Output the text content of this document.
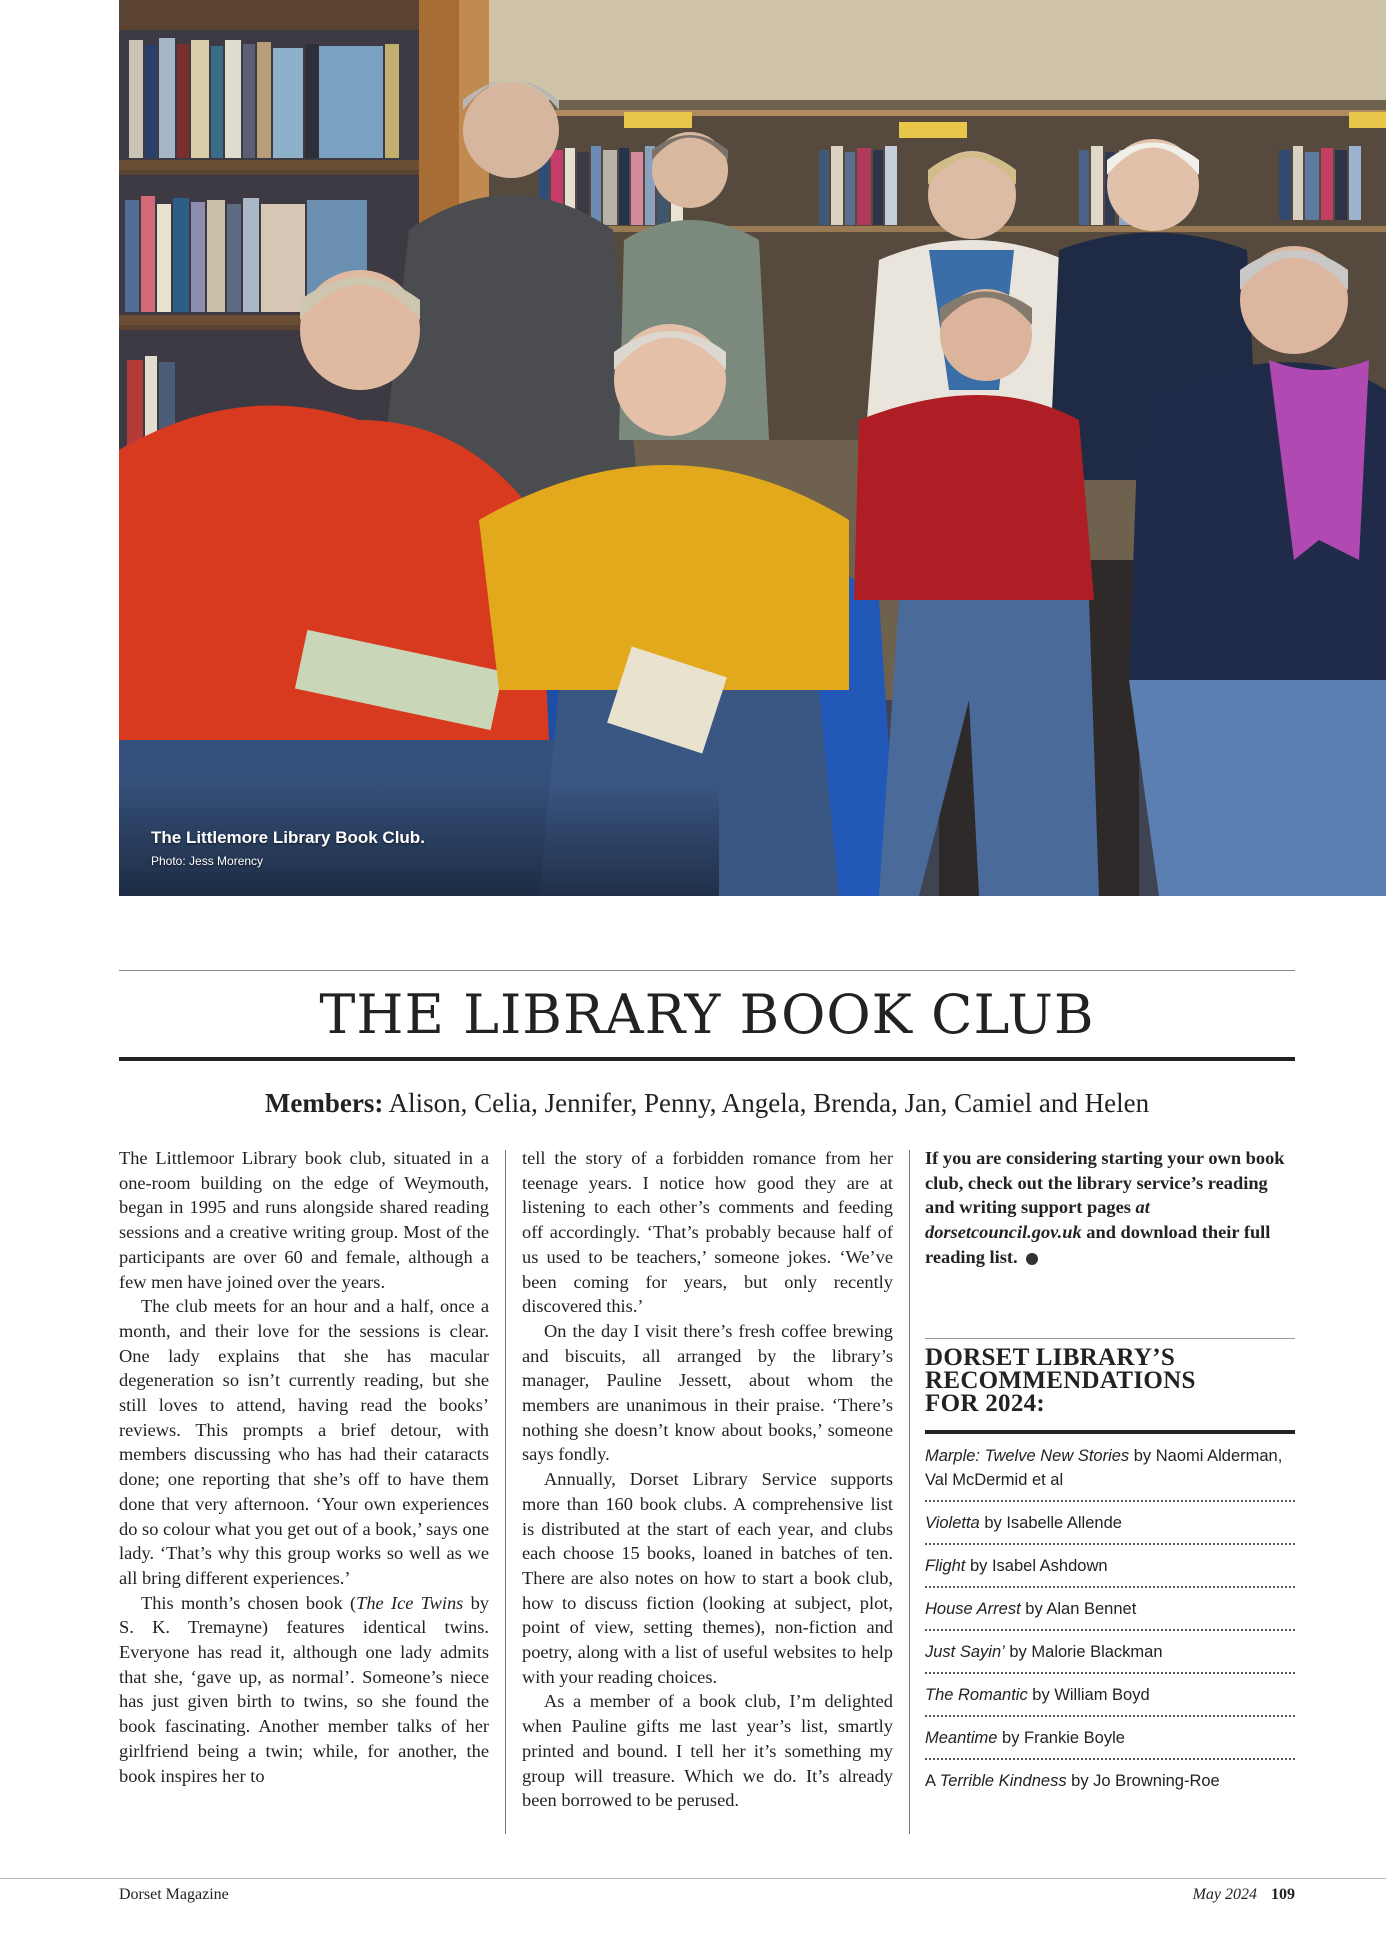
The Littlemore Library Book Club.
Photo: Jess Morency
THE LIBRARY BOOK CLUB
Members: Alison, Celia, Jennifer, Penny, Angela, Brenda, Jan, Camiel and Helen

The Littlemoor Library book club, situated in a one-room building on the edge of Weymouth, began in 1995 and runs alongside shared reading sessions and a creative writing group. Most of the participants are over 60 and female, although a few men have joined over the years.

The club meets for an hour and a half, once a month, and their love for the sessions is clear. One lady explains that she has macular degeneration so isn’t currently reading, but she still loves to attend, having read the books’ reviews. This prompts a brief detour, with members discussing who has had their cataracts done; one reporting that she’s off to have them done that very afternoon. ‘Your own experiences do so colour what you get out of a book,’ says one lady. ‘That’s why this group works so well as we all bring different experiences.’

This month’s chosen book (The Ice Twins by S. K. Tremayne) features identical twins. Everyone has read it, although one lady admits that she, ‘gave up, as normal’. Someone’s niece has just given birth to twins, so she found the book fascinating. Another member talks of her girlfriend being a twin; while, for another, the book inspires her to

tell the story of a forbidden romance from her teenage years. I notice how good they are at listening to each other’s comments and feeding off accordingly. ‘That’s probably because half of us used to be teachers,’ someone jokes. ‘We’ve been coming for years, but only recently discovered this.’

On the day I visit there’s fresh coffee brewing and biscuits, all arranged by the library’s manager, Pauline Jessett, about whom the members are unanimous in their praise. ‘There’s nothing she doesn’t know about books,’ someone says fondly.

Annually, Dorset Library Service supports more than 160 book clubs. A comprehensive list is distributed at the start of each year, and clubs each choose 15 books, loaned in batches of ten. There are also notes on how to start a book club, how to discuss fiction (looking at subject, plot, point of view, setting themes), non-fiction and poetry, along with a list of useful websites to help with your reading choices.

As a member of a book club, I’m delighted when Pauline gifts me last year’s list, smartly printed and bound. I tell her it’s something my group will treasure. Which we do. It’s already been borrowed to be perused.

If you are considering starting your own book club, check out the library service’s reading and writing support pages at dorsetcouncil.gov.uk and download their full reading list.

DORSET LIBRARY’S
RECOMMENDATIONS
FOR 2024:
Marple: Twelve New Stories by Naomi Alderman, Val McDermid et al
Violetta by Isabelle Allende
Flight by Isabel Ashdown
House Arrest by Alan Bennet
Just Sayin’ by Malorie Blackman
The Romantic by William Boyd
Meantime by Frankie Boyle
A Terrible Kindness by Jo Browning-Roe
Dorset Magazine	May 2024 109
